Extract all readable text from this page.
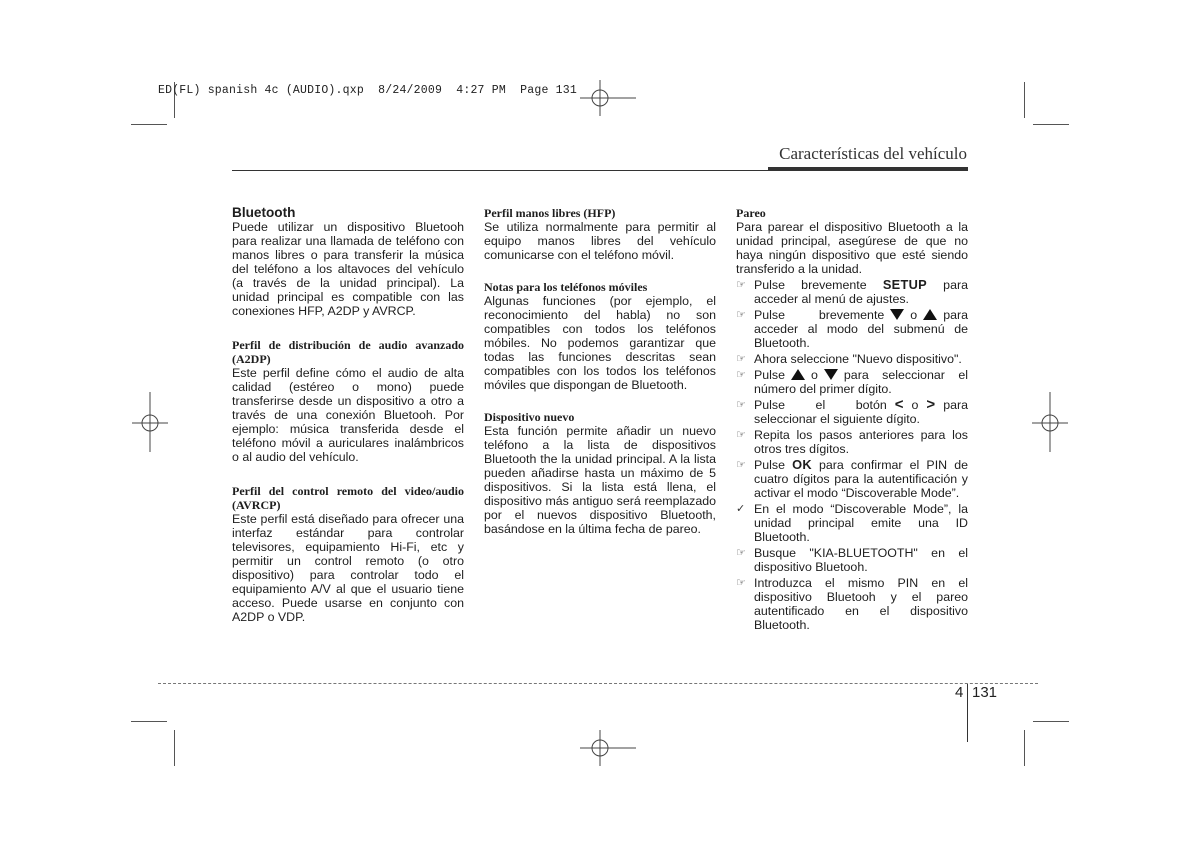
ED(FL) spanish 4c (AUDIO).qxp  8/24/2009  4:27 PM  Page 131
Características del vehículo

Bluetooth

Puede utilizar un dispositivo Bluetooh para realizar una llamada de teléfono con manos libres o para transferir la música del teléfono a los altavoces del vehículo (a través de la unidad principal). La unidad principal es compatible con las conexiones HFP, A2DP y AVRCP.

Perfil de distribución de audio avanzado (A2DP)

Este perfil define cómo el audio de alta calidad (estéreo o mono) puede transferirse desde un dispositivo a otro a través de una conexión Bluetooh. Por ejemplo: música transferida desde el teléfono móvil a auriculares inalámbricos o al audio del vehículo.

Perfil del control remoto del video/audio (AVRCP)

Este perfil está diseñado para ofrecer una interfaz estándar para controlar televisores, equipamiento Hi-Fi, etc y permitir un control remoto (o otro dispositivo) para controlar todo el equipamiento A/V al que el usuario tiene acceso. Puede usarse en conjunto con A2DP o VDP.

Perfil manos libres (HFP)

Se utiliza normalmente para permitir al equipo manos libres del vehículo comunicarse con el teléfono móvil.

Notas para los teléfonos móviles

Algunas funciones (por ejemplo, el reconocimiento del habla) no son compatibles con todos los teléfonos móbiles. No podemos garantizar que todas las funciones descritas sean compatibles con los todos los teléfonos móviles que dispongan de Bluetooth.

Dispositivo nuevo

Esta función permite añadir un nuevo teléfono a la lista de dispositivos Bluetooth the la unidad principal. A la lista pueden añadirse hasta un máximo de 5 dispositivos. Si la lista está llena, el dispositivo más antiguo será reemplazado por el nuevos dispositivo Bluetooth, basándose en la última fecha de pareo.

Pareo

Para parear el dispositivo Bluetooth a la unidad principal, asegúrese de que no haya ningún dispositivo que esté siendo transferido a la unidad.

☞ Pulse brevemente SETUP para acceder al menú de ajustes.
☞ Pulse brevemente o para acceder al modo del submenú de Bluetooth.
☞ Ahora seleccione "Nuevo dispositivo".
☞ Pulse o para seleccionar el número del primer dígito.
☞ Pulse el botón < o > para seleccionar el siguiente dígito.
☞ Repita los pasos anteriores para los otros tres dígitos.
☞ Pulse OK para confirmar el PIN de cuatro dígitos para la autentificación y activar el modo “Discoverable Mode”.
✓ En el modo “Discoverable Mode”, la unidad principal emite una ID Bluetooth.
☞ Busque "KIA-BLUETOOTH" en el dispositivo Bluetooh.
☞ Introduzca el mismo PIN en el dispositivo Bluetooh y el pareo autentificado en el dispositivo Bluetooth.
4 131
